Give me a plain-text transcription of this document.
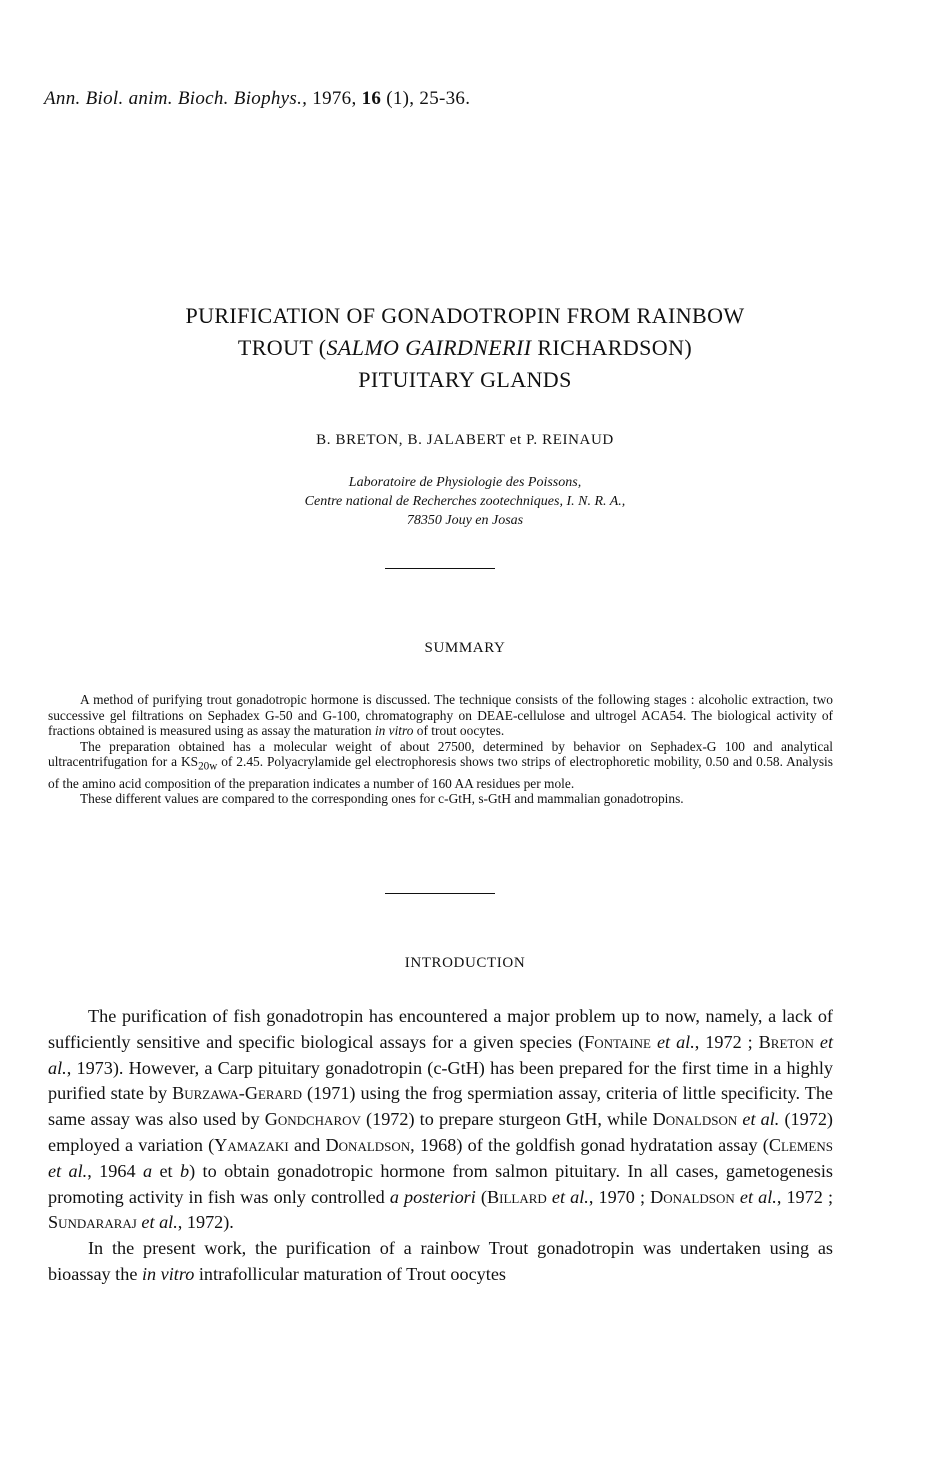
Ann. Biol. anim. Bioch. Biophys., 1976, 16 (1), 25-36.
PURIFICATION OF GONADOTROPIN FROM RAINBOW
TROUT (SALMO GAIRDNERII RICHARDSON)
PITUITARY GLANDS
B. BRETON, B. JALABERT et P. REINAUD
Laboratoire de Physiologie des Poissons,
Centre national de Recherches zootechniques, I. N. R. A.,
78350 Jouy en Josas
SUMMARY

A method of purifying trout gonadotropic hormone is discussed. The technique consists of the following stages : alcoholic extraction, two successive gel filtrations on Sephadex G-50 and G-100, chromatography on DEAE-cellulose and ultrogel ACA54. The biological activity of fractions obtained is measured using as assay the maturation in vitro of trout oocytes.

The preparation obtained has a molecular weight of about 27500, determined by behavior on Sephadex-G 100 and analytical ultracentrifugation for a $KS_{20w}$ of 2.45. Polyacrylamide gel electrophoresis shows two strips of electrophoretic mobility, 0.50 and 0.58. Analysis of the amino acid composition of the preparation indicates a number of 160 AA residues per mole.

These different values are compared to the corresponding ones for c-GtH, s-GtH and mammalian gonadotropins.

INTRODUCTION

The purification of fish gonadotropin has encountered a major problem up to now, namely, a lack of sufficiently sensitive and specific biological assays for a given species (Fontaine et al., 1972 ; Breton et al., 1973). However, a Carp pituitary gonadotropin (c-GtH) has been prepared for the first time in a highly purified state by Burzawa-Gerard (1971) using the frog spermiation assay, criteria of little specificity. The same assay was also used by Gondcharov (1972) to prepare sturgeon GtH, while Donaldson et al. (1972) employed a variation (Yamazaki and Donaldson, 1968) of the goldfish gonad hydratation assay (Clemens et al., 1964 a et b) to obtain gonadotropic hormone from salmon pituitary. In all cases, gametogenesis promoting activity in fish was only controlled a posteriori (Billard et al., 1970 ; Donaldson et al., 1972 ; Sundararaj et al., 1972).

In the present work, the purification of a rainbow Trout gonadotropin was undertaken using as bioassay the in vitro intrafollicular maturation of Trout oocytes
